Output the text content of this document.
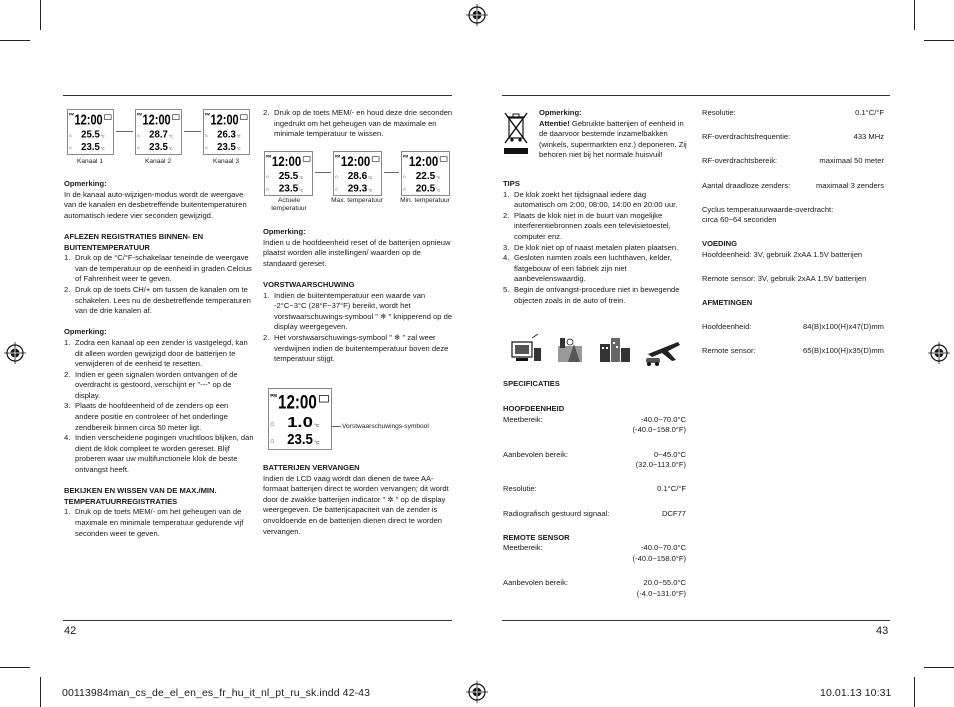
PM 12:00
⌂ 25.5 °C
23.5 °C
⌂
PM 12:00
⌂ 28.7 °C
23.5 °C
⌂
PM 12:00
⌂ 26.3 °C
23.5 °C
⌂
Kanaal 1	Kanaal 2	Kanaal 3
PM 12:00
⌂ 25.5 °C
23.5 °C
⌂
PM 12:00
⌂ 28.6 °C
29.3 °C
⌂
PM 12:00
⌂ 22.5 °C
20.5 °C
⌂
Actuele temperatuur
Max. temperatuur	Min. temperatuur
PM 12:00
⌂ 1.0 °C
23.5 °C
⌂
Vorstwaarschuwings-symbool

Opmerking:

In de kanaal auto-wijzigen-modus wordt de weergave van de kanalen en desbetreffende buitentemperaturen automatisch iedere vier seconden gewijzigd.

AFLEZEN REGISTRATIES BINNEN- EN BUITENTEMPERATUUR

1. Druk op de °C/°F-schakelaar teneinde de weergave van de temperatuur op de eenheid in graden Celcius of Fahrenheit weer te geven.
2. Druk op de toets CH/+ om tussen de kanalen om te schakelen. Lees nu de desbetreffende temperaturen van de drie kanalen af.

Opmerking:

1. Zodra een kanaal op een zender is vastgelegd, kan dit alleen worden gewijzigd door de batterijen te verwijderen of de eenheid te resetten.
2. Indien er geen signalen worden ontvangen of de overdracht is gestoord, verschijnt er "---" op de display.
3. Plaats de hoofdeenheid of de zenders op een andere positie en controleer of het onderlinge zendbereik binnen circa 50 meter ligt.
4. Indien verscheidene pogingen vruchtloos blijken, dan dient de klok compleet te worden gereset. Blijf proberen waar uw multifunctionele klok de beste ontvangst heeft.

BEKIJKEN EN WISSEN VAN DE MAX./MIN. TEMPERATUURREGISTRATIES

1. Druk op de toets MEM/- om het geheugen van de maximale en minimale temperatuur gedurende vijf seconden weer te geven.
2. Druk op de toets MEM/- en houd deze drie seconden ingedrukt om het geheugen van de maximale en minimale temperatuur te wissen.

Opmerking:

Indien u de hoofdeenheid reset of de batterijen opnieuw plaatst worden alle instellingen/ waarden op de standaard gereset.

VORSTWAARSCHUWING

1. Indien de buitentemperatuur een waarde van -2°C~3°C (28°F~37°F) bereikt, wordt het vorstwaarschuwings-symbool " ❄ " knipperend op de display weergegeven.
2. Het vorstwaarschuwings-symbool " ❄ " zal weer verdwijnen indien de buitentemperatuur boven deze temperatuur stijgt.

BATTERIJEN VERVANGEN

Indien de LCD vaag wordt dan dienen de twee AA-formaat batterijen direct te worden vervangen; dit wordt door de zwakke batterijen indicator " ✲ " op de display weergegeven. De batterijcapaciteit van de zender is onvoldoende en de batterijen dienen direct te worden vervangen.

Opmerking:

Attentie! Gebruikte batterijen of eenheid in de daarvoor bestemde inzamelbakken (winkels, supermarkten enz.) deponeren. Zij behoren niet bij het normale huisvuil!

TIPS

1. De klok zoekt het tijdsignaal iedere dag automatisch om 2:00, 08:00, 14:00 en 20:00 uur.
2. Plaats de klok niet in de buurt van mogelijke interferentiebronnen zoals een televisietoestel, computer enz.
3. De klok niet op of naast metalen platen plaatsen.
4. Gesloten ruimten zoals een luchthaven, kelder, flatgebouw of een fabriek zijn niet aanbevelenswaardig.
5. Begin de ontvangst-procedure niet in bewegende objecten zoals in de auto of trein.

SPECIFICATIES

HOOFDEENHEID

Meetbereik:	-40.0~70.0°C
(-40.0~158.0°F)
Aanbevolen bereik:	0~45.0°C
(32.0~113.0°F)
Resolutie:	0.1°C/°F
Radiografisch gestuurd signaal:	DCF77

REMOTE SENSOR

Meetbereik:	-40.0~70.0°C
(-40.0~158.0°F)
Aanbevolen bereik:	20.0~55.0°C
(-4.0~131.0°F)
Resolutie:	0.1°C/°F
RF-overdrachtsfrequentie:	433 MHz
RF-overdrachtsbereik:	maximaal 50 meter
Aantal draadloze zenders:	maximaal 3 zenders

Cyclus temperatuurwaarde-overdracht:

circa 60~64 seconden

VOEDING

Hoofdeenheid: 3V, gebruik 2xAA 1.5V batterijen

Remote sensor: 3V, gebruik 2xAA 1.5V batterijen

AFMETINGEN

Hoofdeenheid:	84(B)x100(H)x47(D)mm
Remote sensor:	65(B)x100(H)x35(D)mm
42	43
00113984man_cs_de_el_en_es_fr_hu_it_nl_pt_ru_sk.indd 42-43	10.01.13 10:31
